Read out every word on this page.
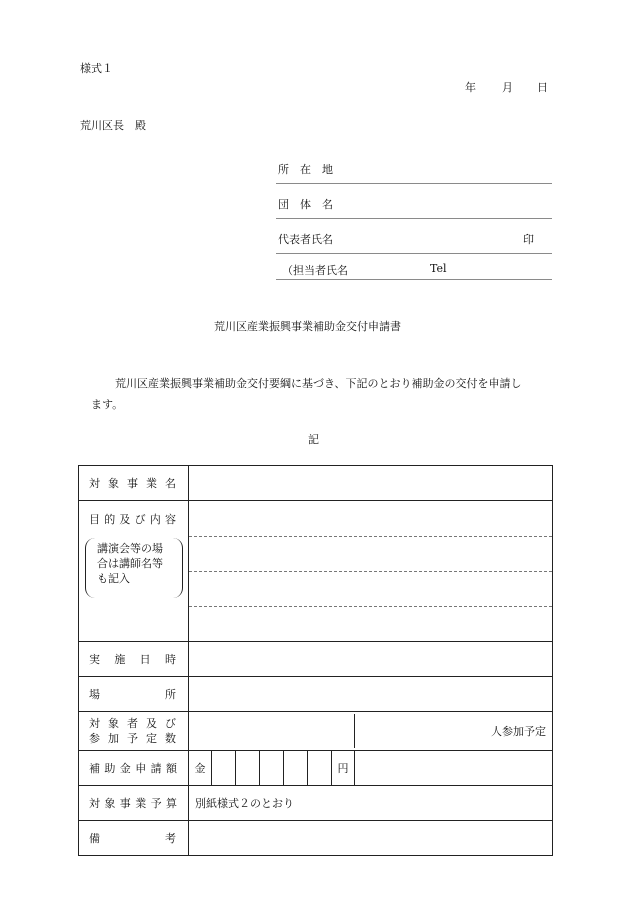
様式１
年 月 日
荒川区長　殿
所　在　地
団　体　名
代表者氏名	印
（担当者氏名	Tel
荒川区産業振興事業補助金交付申請書
荒川区産業振興事業補助金交付要綱に基づき、下記のとおり補助金の交付を申請し
ます。
記
対象事業名	

目的及び内容
講演会等の場
合は講師名等
も記入	

実施日時	
場所	

対象者及び
参加予定数	人参加予定

補助金申請額	金 円

対象事業予算	別紙様式２のとおり
備考	
